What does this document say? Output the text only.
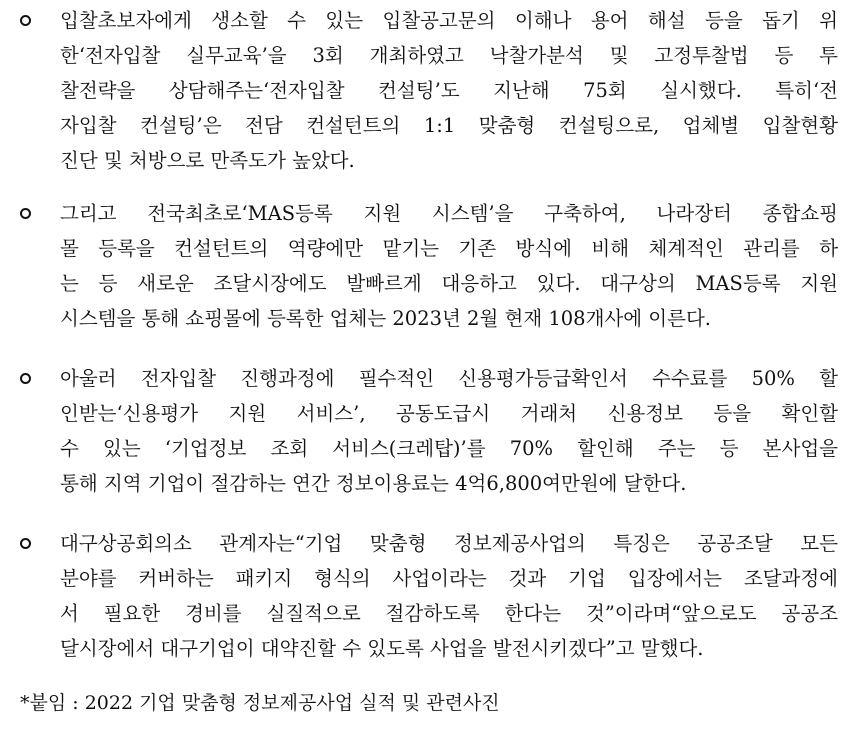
입찰초보자에게 생소할 수 있는 입찰공고문의 이해나 용어 해설 등을 돕기 위
한‘전자입찰 실무교육’을 3회 개최하였고 낙찰가분석 및 고정투찰법 등 투
찰전략을 상담해주는‘전자입찰 컨설팅’도 지난해 75회 실시했다. 특히‘전
자입찰 컨설팅’은 전담 컨설턴트의 1:1 맞춤형 컨설팅으로, 업체별 입찰현황
진단 및 처방으로 만족도가 높았다.
그리고 전국최초로‘MAS등록 지원 시스템’을 구축하여, 나라장터 종합쇼핑
몰 등록을 컨설턴트의 역량에만 맡기는 기존 방식에 비해 체계적인 관리를 하
는 등 새로운 조달시장에도 발빠르게 대응하고 있다. 대구상의 MAS등록 지원
시스템을 통해 쇼핑몰에 등록한 업체는 2023년 2월 현재 108개사에 이른다.
아울러 전자입찰 진행과정에 필수적인 신용평가등급확인서 수수료를 50% 할
인받는‘신용평가 지원 서비스’, 공동도급시 거래처 신용정보 등을 확인할
수 있는 ‘기업정보 조회 서비스(크레탑)’를 70% 할인해 주는 등 본사업을
통해 지역 기업이 절감하는 연간 정보이용료는 4억6,800여만원에 달한다.
대구상공회의소 관계자는“기업 맞춤형 정보제공사업의 특징은 공공조달 모든
분야를 커버하는 패키지 형식의 사업이라는 것과 기업 입장에서는 조달과정에
서 필요한 경비를 실질적으로 절감하도록 한다는 것”이라며“앞으로도 공공조
달시장에서 대구기업이 대약진할 수 있도록 사업을 발전시키겠다”고 말했다.
*붙임 : 2022 기업 맞춤형 정보제공사업 실적 및 관련사진
